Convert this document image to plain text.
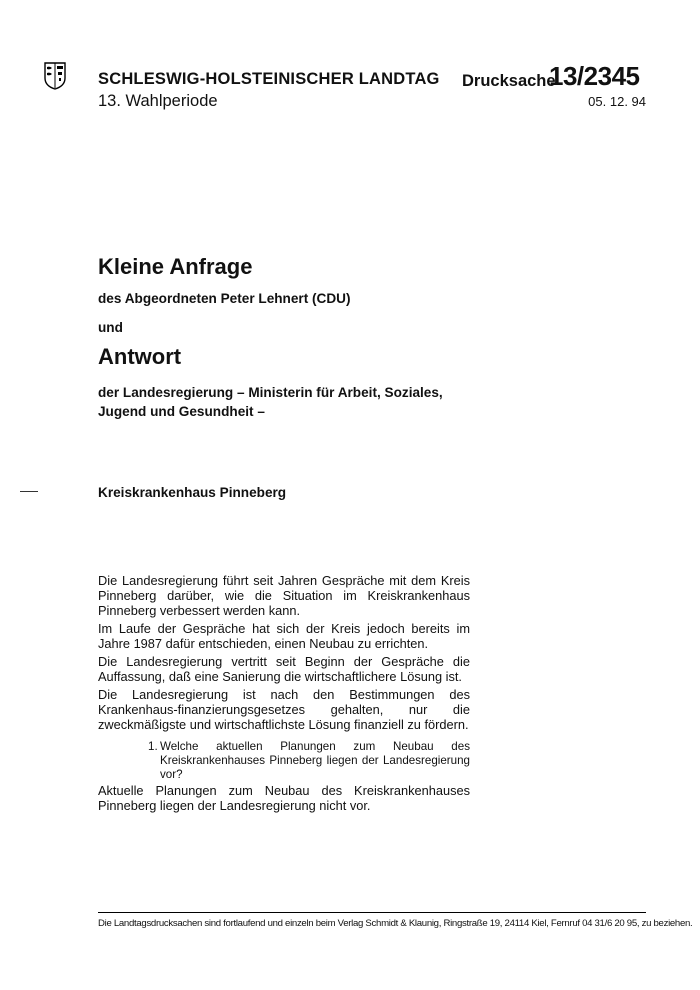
SCHLESWIG-HOLSTEINISCHER LANDTAG
13. Wahlperiode
Drucksache
13/2345
05. 12. 94
Kleine Anfrage
des Abgeordneten Peter Lehnert (CDU)
und
Antwort
der Landesregierung – Ministerin für Arbeit, Soziales,
Jugend und Gesundheit –
Kreiskrankenhaus Pinneberg

Die Landesregierung führt seit Jahren Gespräche mit dem Kreis Pinneberg darüber, wie die Situation im Kreiskrankenhaus Pinneberg verbessert werden kann.

Im Laufe der Gespräche hat sich der Kreis jedoch bereits im Jahre 1987 dafür entschieden, einen Neubau zu errichten.

Die Landesregierung vertritt seit Beginn der Gespräche die Auffassung, daß eine Sanierung die wirtschaftlichere Lösung ist.

Die Landesregierung ist nach den Bestimmungen des Krankenhaus-finanzierungsgesetzes gehalten, nur die zweckmäßigste und wirtschaftlichste Lösung finanziell zu fördern.

1. Welche aktuellen Planungen zum Neubau des Kreiskrankenhauses Pinneberg liegen der Landesregierung vor?
Aktuelle Planungen zum Neubau des Kreiskrankenhauses Pinneberg liegen der Landesregierung nicht vor.
Die Landtagsdrucksachen sind fortlaufend und einzeln beim Verlag Schmidt & Klaunig, Ringstraße 19, 24114 Kiel, Fernruf 04 31/6 20 95, zu beziehen.
